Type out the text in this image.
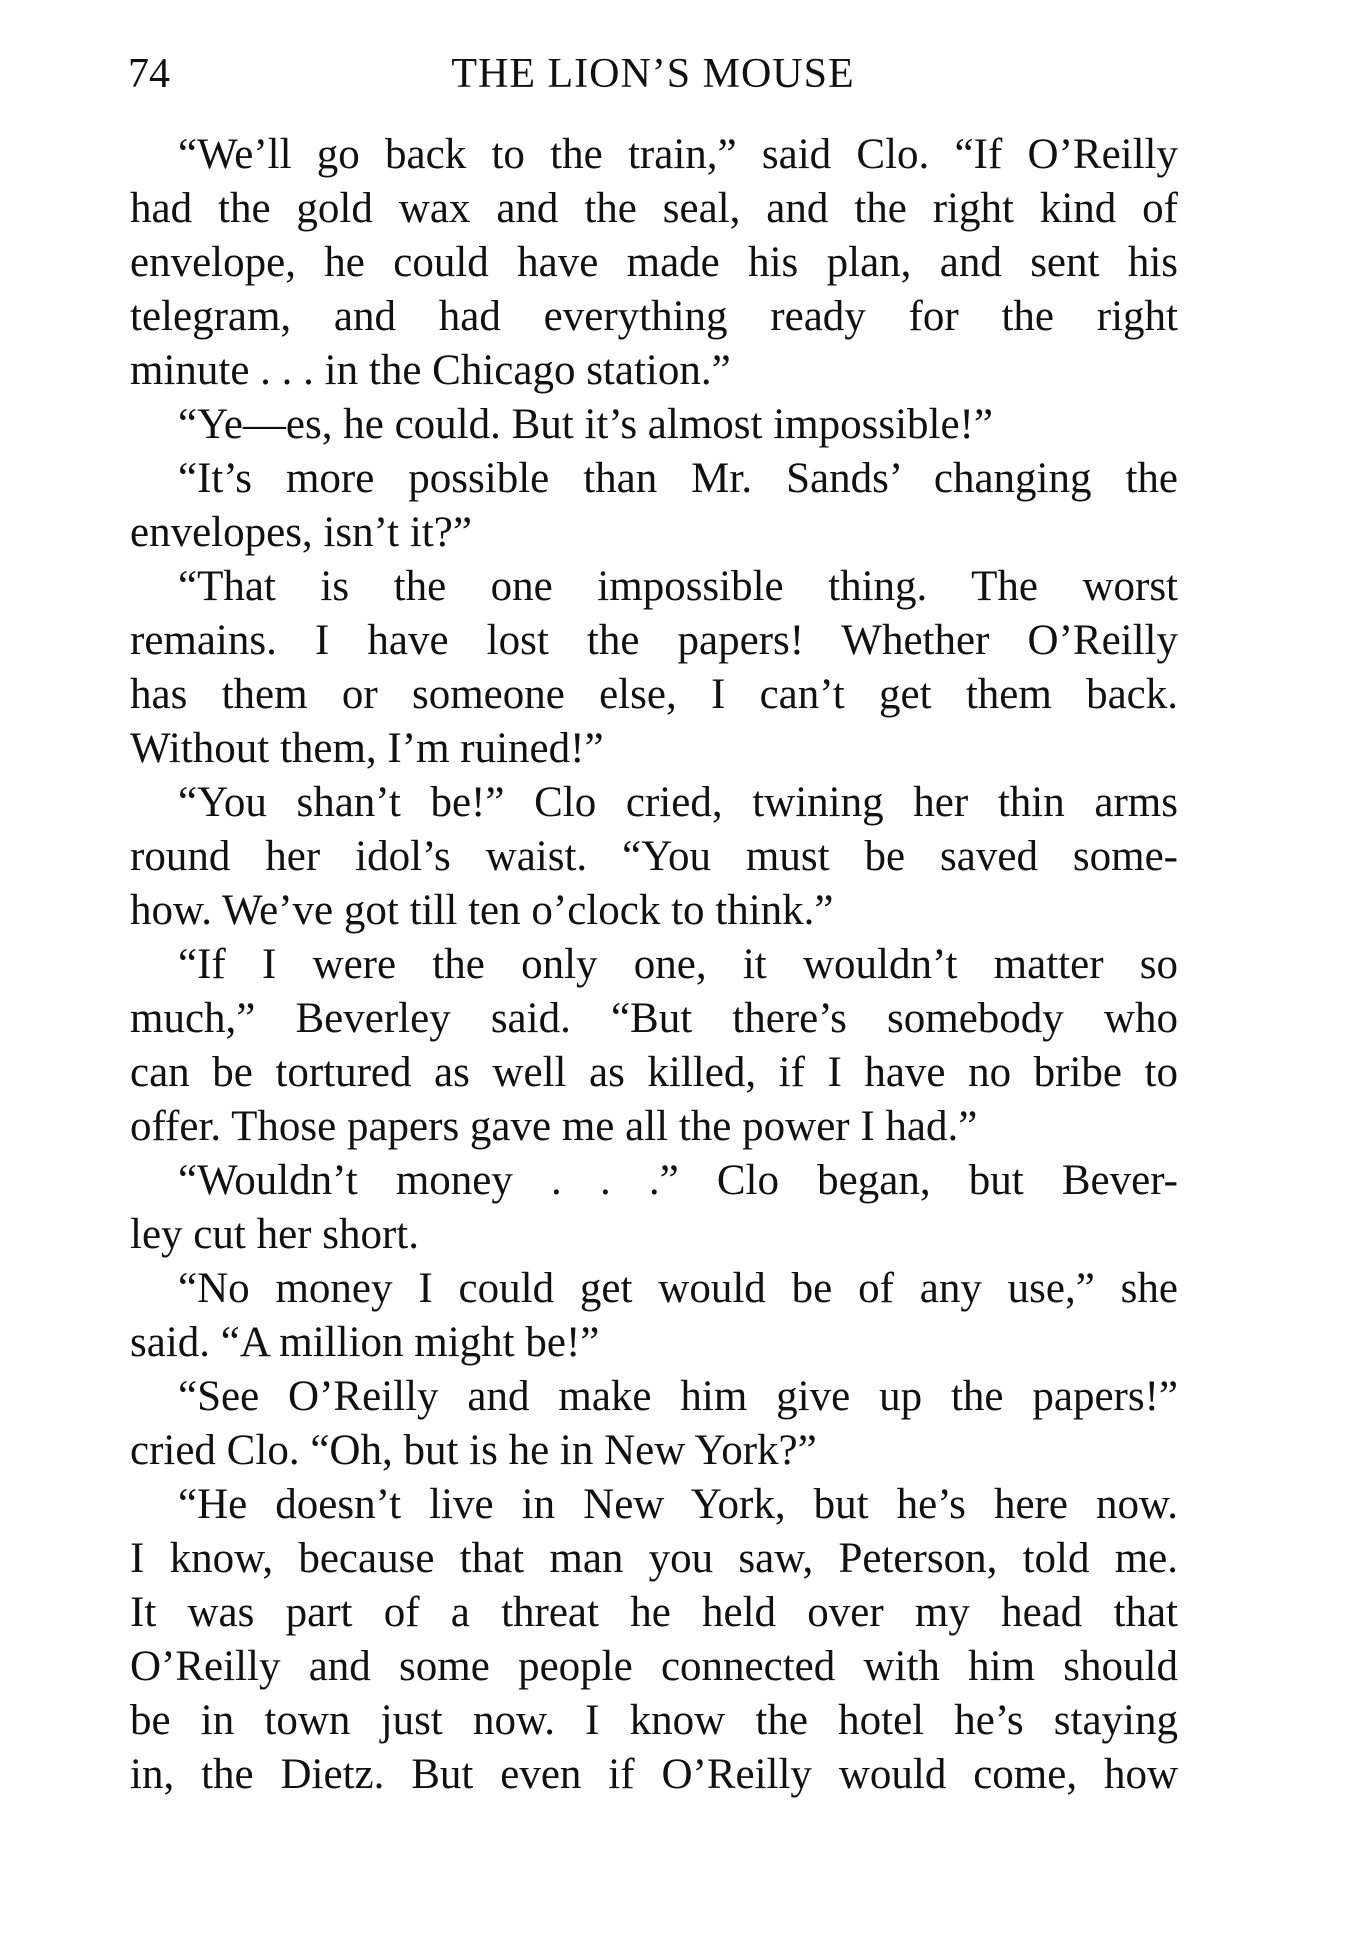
74	THE LION’S MOUSE
“We’ll go back to the train,” said Clo. “If O’Reilly
had the gold wax and the seal, and the right kind of
envelope, he could have made his plan, and sent his
telegram, and had everything ready for the right
minute . . . in the Chicago station.”
“Ye—es, he could. But it’s almost impossible!”
“It’s more possible than Mr. Sands’ changing the
envelopes, isn’t it?”
“That is the one impossible thing. The worst
remains. I have lost the papers! Whether O’Reilly
has them or someone else, I can’t get them back.
Without them, I’m ruined!”
“You shan’t be!” Clo cried, twining her thin arms
round her idol’s waist. “You must be saved some-
how. We’ve got till ten o’clock to think.”
“If I were the only one, it wouldn’t matter so
much,” Beverley said. “But there’s somebody who
can be tortured as well as killed, if I have no bribe to
offer. Those papers gave me all the power I had.”
“Wouldn’t money . . .” Clo began, but Bever-
ley cut her short.
“No money I could get would be of any use,” she
said. “A million might be!”
“See O’Reilly and make him give up the papers!”
cried Clo. “Oh, but is he in New York?”
“He doesn’t live in New York, but he’s here now.
I know, because that man you saw, Peterson, told me.
It was part of a threat he held over my head that
O’Reilly and some people connected with him should
be in town just now. I know the hotel he’s staying
in, the Dietz. But even if O’Reilly would come, how
